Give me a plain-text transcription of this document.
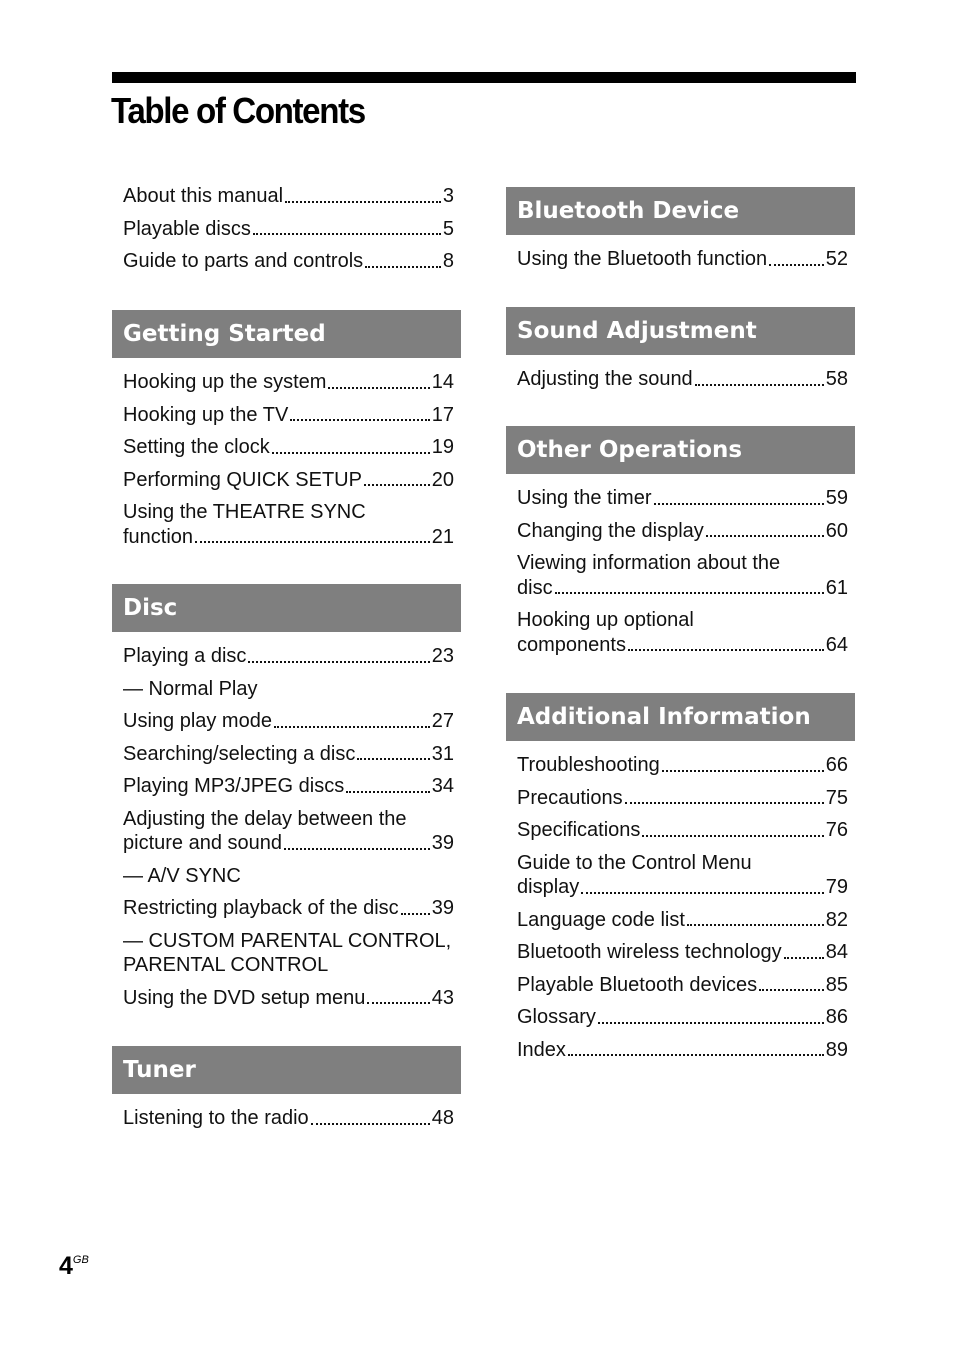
Table of Contents
About this manual	3
Playable discs	5
Guide to parts and controls	8
Getting Started
Hooking up the system	14
Hooking up the TV	17
Setting the clock	19
Performing QUICK SETUP	20
Using the THEATRE SYNC
function	21
Disc
Playing a disc	23
— Normal Play
Using play mode	27
Searching/selecting a disc	31
Playing MP3/JPEG discs	34
Adjusting the delay between the
picture and sound	39
— A/V SYNC
Restricting playback of the disc 39
— CUSTOM PARENTAL CONTROL,
PARENTAL CONTROL
Using the DVD setup menu	43
Tuner
Listening to the radio	48
Bluetooth Device
Using the Bluetooth function	52
Sound Adjustment
Adjusting the sound	58
Other Operations
Using the timer	59
Changing the display	60
Viewing information about the
disc	61
Hooking up optional
components	64
Additional Information
Troubleshooting	66
Precautions	75
Specifications	76
Guide to the Control Menu
display	79
Language code list	82
Bluetooth wireless technology 84
Playable Bluetooth devices	85
Glossary	86
Index	89
$4^{GB}$
